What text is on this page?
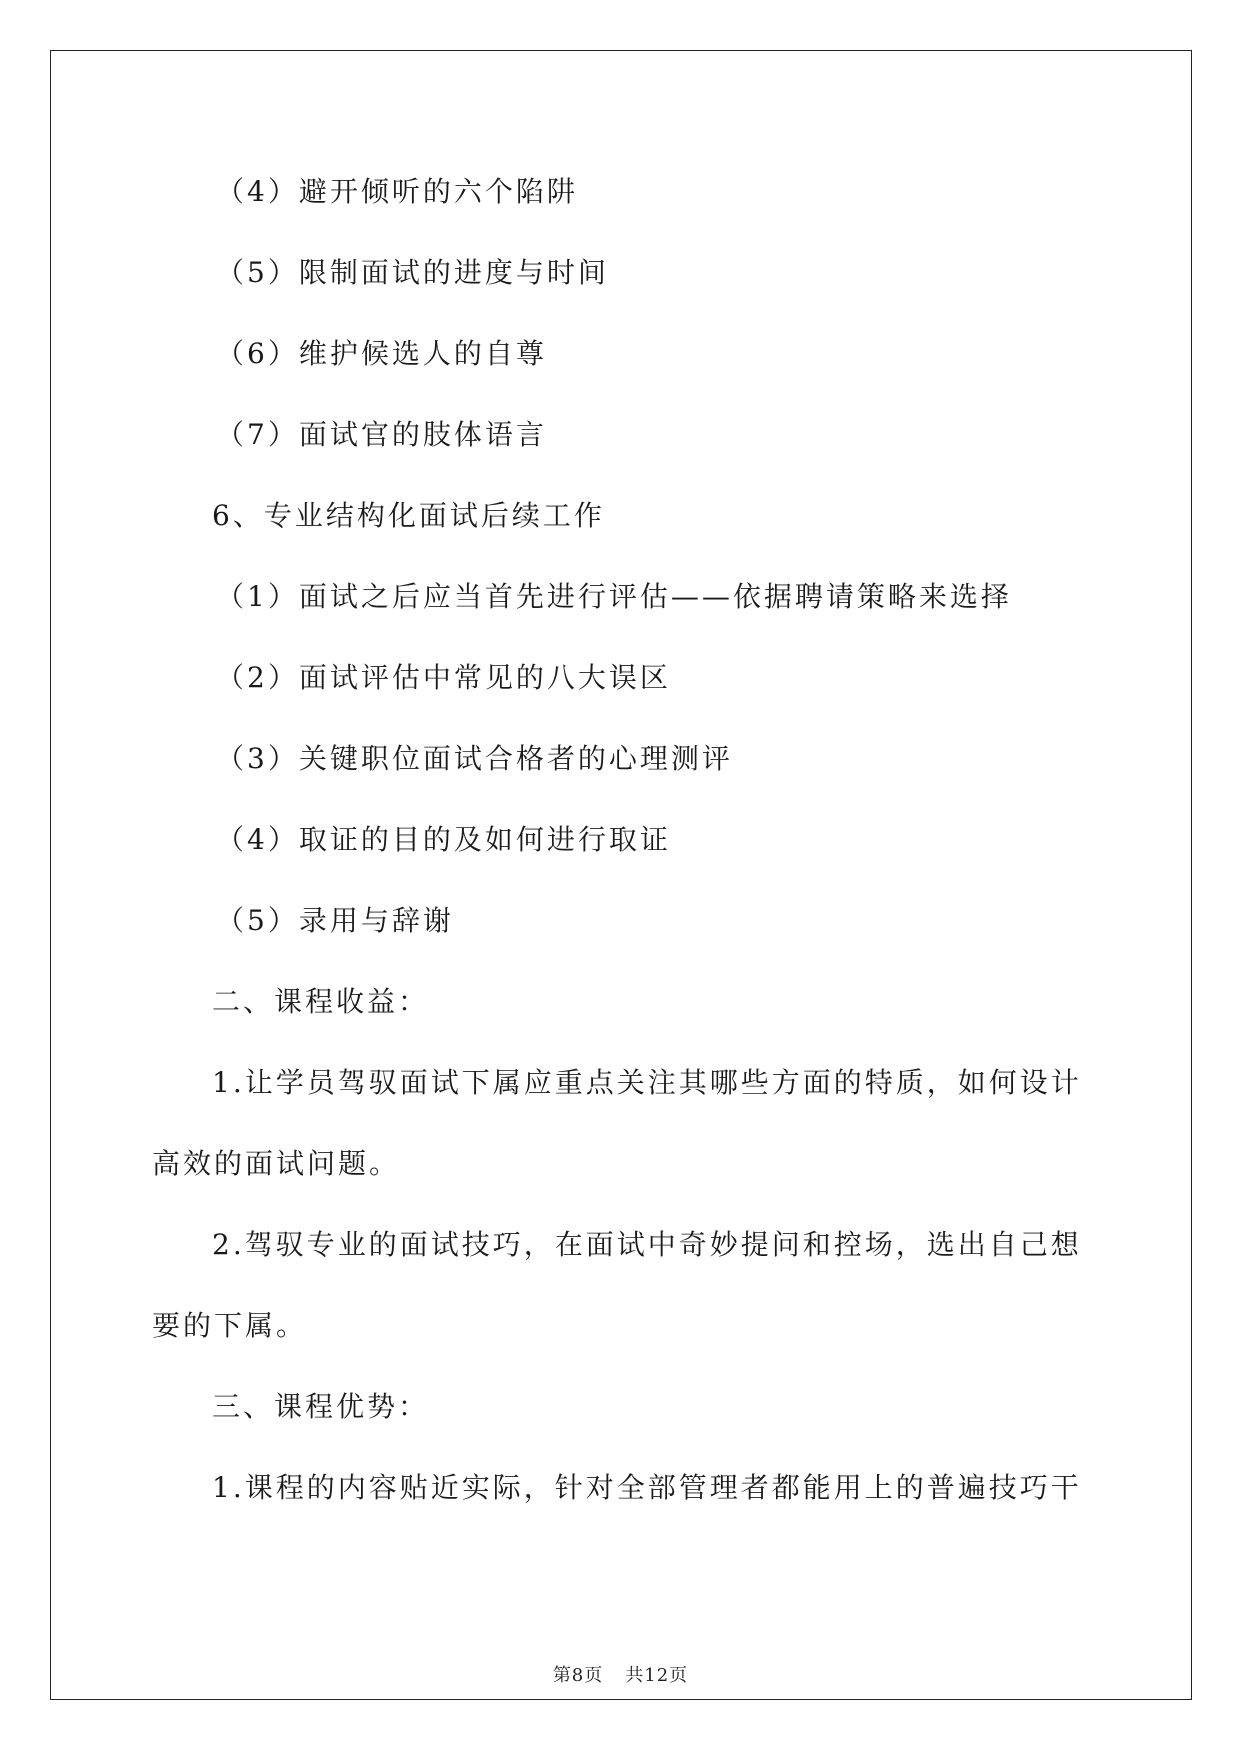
（4）避开倾听的六个陷阱
（5）限制面试的进度与时间
（6）维护候选人的自尊
（7）面试官的肢体语言
6、专业结构化面试后续工作
（1）面试之后应当首先进行评估——依据聘请策略来选择
（2）面试评估中常见的八大误区
（3）关键职位面试合格者的心理测评
（4）取证的目的及如何进行取证
（5）录用与辞谢
二、课程收益：
1.让学员驾驭面试下属应重点关注其哪些方面的特质，如何设计
高效的面试问题。
2.驾驭专业的面试技巧，在面试中奇妙提问和控场，选出自己想
要的下属。
三、课程优势：
1.课程的内容贴近实际，针对全部管理者都能用上的普遍技巧干
第8页 共12页
